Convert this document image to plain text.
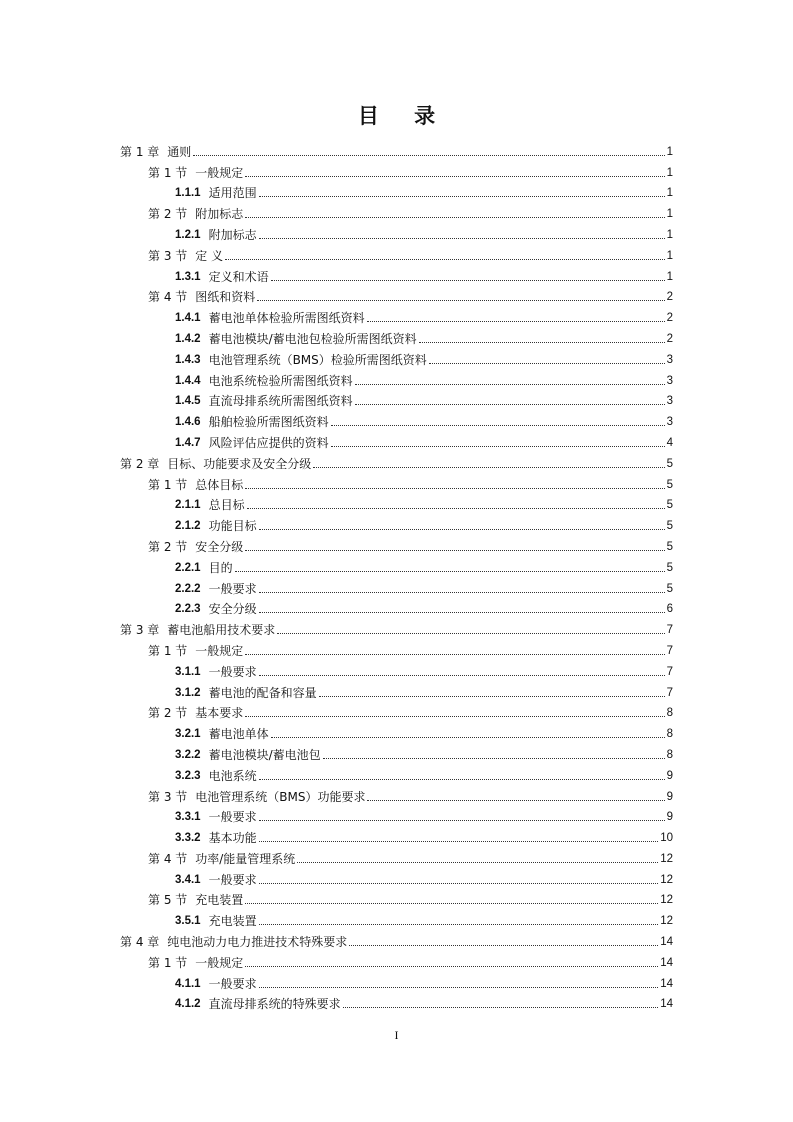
目 录
第 1 章 通则	1
第 1 节 一般规定	1
1.1.1 适用范围	1
第 2 节 附加标志	1
1.2.1 附加标志	1
第 3 节 定 义	1
1.3.1 定义和术语	1
第 4 节 图纸和资料	2
1.4.1 蓄电池单体检验所需图纸资料	2
1.4.2 蓄电池模块/蓄电池包检验所需图纸资料	2
1.4.3 电池管理系统（BMS）检验所需图纸资料	3
1.4.4 电池系统检验所需图纸资料	3
1.4.5 直流母排系统所需图纸资料	3
1.4.6 船舶检验所需图纸资料	3
1.4.7 风险评估应提供的资料	4
第 2 章 目标、功能要求及安全分级	5
第 1 节 总体目标	5
2.1.1 总目标	5
2.1.2 功能目标	5
第 2 节 安全分级	5
2.2.1 目的	5
2.2.2 一般要求	5
2.2.3 安全分级	6
第 3 章 蓄电池船用技术要求	7
第 1 节 一般规定	7
3.1.1 一般要求	7
3.1.2 蓄电池的配备和容量	7
第 2 节 基本要求	8
3.2.1 蓄电池单体	8
3.2.2 蓄电池模块/蓄电池包	8
3.2.3 电池系统	9
第 3 节 电池管理系统（BMS）功能要求	9
3.3.1 一般要求	9
3.3.2 基本功能	10
第 4 节 功率/能量管理系统	12
3.4.1 一般要求	12
第 5 节 充电装置	12
3.5.1 充电装置	12
第 4 章 纯电池动力电力推进技术特殊要求	14
第 1 节 一般规定	14
4.1.1 一般要求	14
4.1.2 直流母排系统的特殊要求	14
I
